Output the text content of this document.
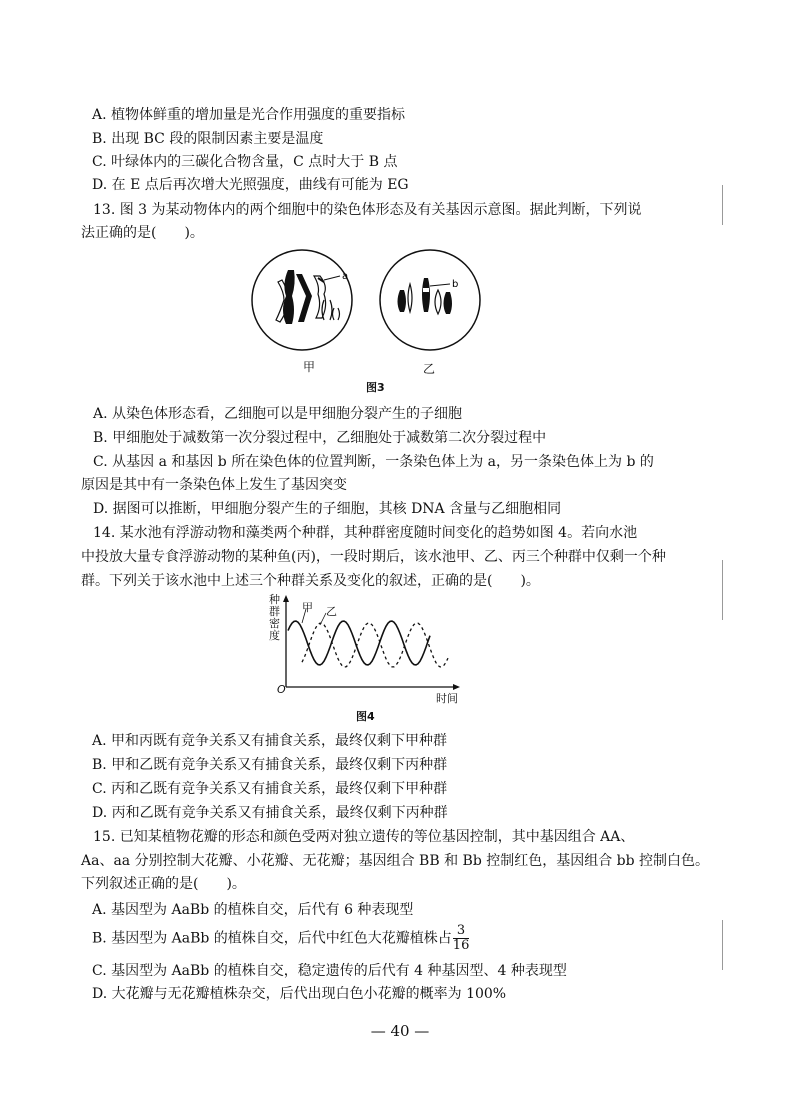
A. 植物体鲜重的增加量是光合作用强度的重要指标
B. 出现 BC 段的限制因素主要是温度
C. 叶绿体内的三碳化合物含量，C 点时大于 B 点
D. 在 E 点后再次增大光照强度，曲线有可能为 EG
13. 图 3 为某动物体内的两个细胞中的染色体形态及有关基因示意图。据此判断，下列说
法正确的是(　　)。
a
b
甲	乙
图3
A. 从染色体形态看，乙细胞可以是甲细胞分裂产生的子细胞
B. 甲细胞处于减数第一次分裂过程中，乙细胞处于减数第二次分裂过程中
C. 从基因 a 和基因 b 所在染色体的位置判断，一条染色体上为 a，另一条染色体上为 b 的
原因是其中有一条染色体上发生了基因突变
D. 据图可以推断，甲细胞分裂产生的子细胞，其核 DNA 含量与乙细胞相同
14. 某水池有浮游动物和藻类两个种群，其种群密度随时间变化的趋势如图 4。若向水池
中投放大量专食浮游动物的某种鱼(丙)，一段时期后，该水池甲、乙、丙三个种群中仅剩一个种
群。下列关于该水池中上述三个种群关系及变化的叙述，正确的是(　　)。
种
群
密
度
甲 乙
O
时间
图4
A. 甲和丙既有竞争关系又有捕食关系，最终仅剩下甲种群
B. 甲和乙既有竞争关系又有捕食关系，最终仅剩下丙种群
C. 丙和乙既有竞争关系又有捕食关系，最终仅剩下甲种群
D. 丙和乙既有竞争关系又有捕食关系，最终仅剩下丙种群
15. 已知某植物花瓣的形态和颜色受两对独立遗传的等位基因控制，其中基因组合 AA、
Aa、aa 分别控制大花瓣、小花瓣、无花瓣；基因组合 BB 和 Bb 控制红色，基因组合 bb 控制白色。
下列叙述正确的是(　　)。
A. 基因型为 AaBb 的植株自交，后代有 6 种表现型
B. 基因型为 AaBb 的植株自交，后代中红色大花瓣植株占 $\frac{3}{16}$
C. 基因型为 AaBb 的植株自交，稳定遗传的后代有 4 种基因型、4 种表现型
D. 大花瓣与无花瓣植株杂交，后代出现白色小花瓣的概率为 100%
— 40 —
